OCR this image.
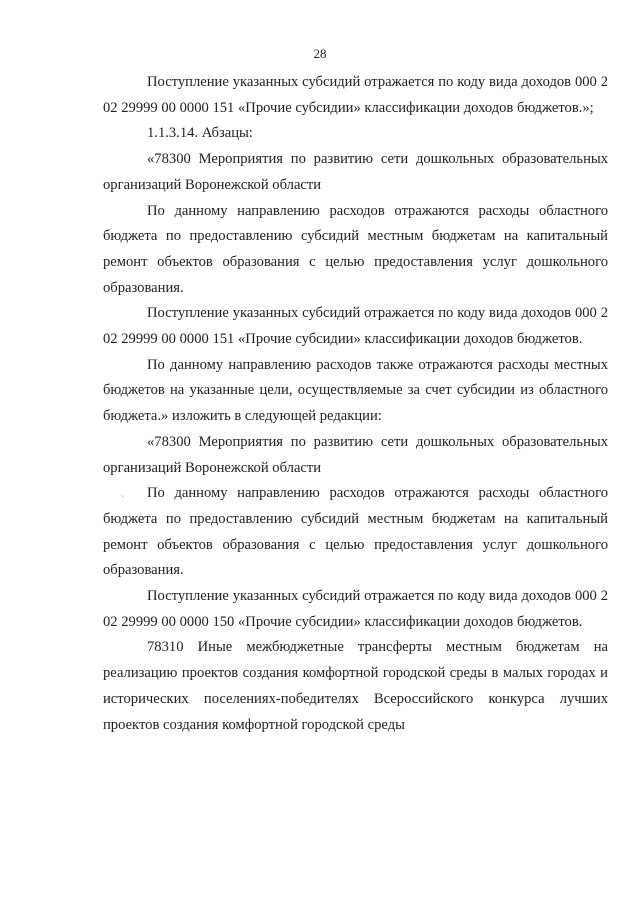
28

Поступление указанных субсидий отражается по коду вида доходов 000 2 02 29999 00 0000 151 «Прочие субсидии» классификации доходов бюджетов.»;

1.1.3.14. Абзацы:

«78300 Мероприятия по развитию сети дошкольных образовательных организаций Воронежской области

По данному направлению расходов отражаются расходы областного бюджета по предоставлению субсидий местным бюджетам на капитальный ремонт объектов образования с целью предоставления услуг дошкольного образования.

Поступление указанных субсидий отражается по коду вида доходов 000 2 02 29999 00 0000 151 «Прочие субсидии» классификации доходов бюджетов.

По данному направлению расходов также отражаются расходы местных бюджетов на указанные цели, осуществляемые за счет субсидии из областного бюджета.» изложить в следующей редакции:

«78300 Мероприятия по развитию сети дошкольных образовательных организаций Воронежской области

По данному направлению расходов отражаются расходы областного бюджета по предоставлению субсидий местным бюджетам на капитальный ремонт объектов образования с целью предоставления услуг дошкольного образования.

Поступление указанных субсидий отражается по коду вида доходов 000 2 02 29999 00 0000 150 «Прочие субсидии» классификации доходов бюджетов.

78310 Иные межбюджетные трансферты местным бюджетам на реализацию проектов создания комфортной городской среды в малых городах и исторических поселениях-победителях Всероссийского конкурса лучших проектов создания комфортной городской среды

ˏ
